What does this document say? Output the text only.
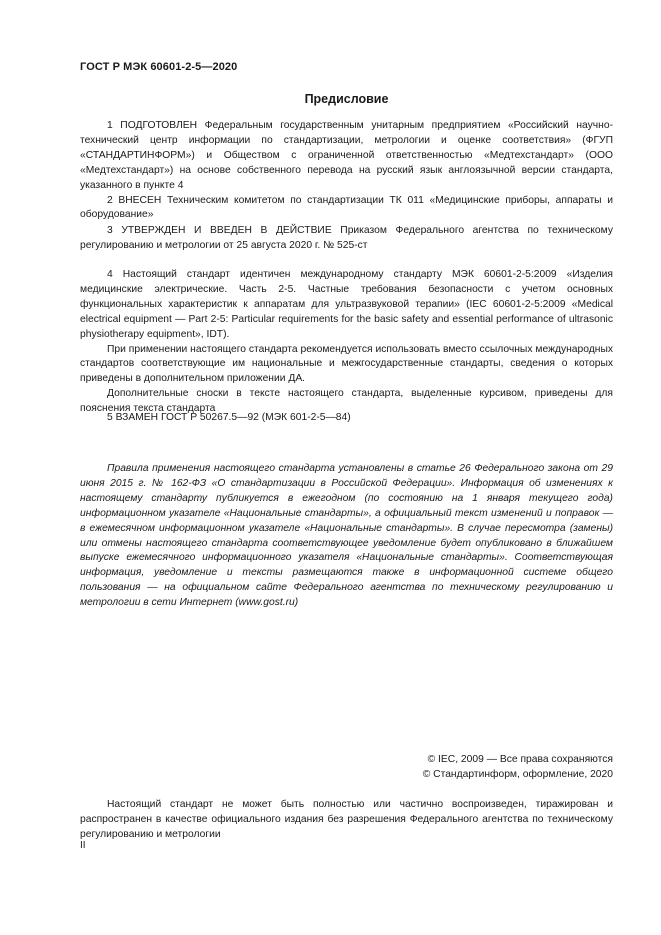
ГОСТ Р МЭК 60601-2-5—2020
Предисловие

1 ПОДГОТОВЛЕН Федеральным государственным унитарным предприятием «Российский научно-технический центр информации по стандартизации, метрологии и оценке соответствия» (ФГУП «СТАНДАРТИНФОРМ») и Обществом с ограниченной ответственностью «Медтехстандарт» (ООО «Медтехстандарт») на основе собственного перевода на русский язык англоязычной версии стандарта, указанного в пункте 4

2 ВНЕСЕН Техническим комитетом по стандартизации ТК 011 «Медицинские приборы, аппараты и оборудование»

3 УТВЕРЖДЕН И ВВЕДЕН В ДЕЙСТВИЕ Приказом Федерального агентства по техническому регулированию и метрологии от 25 августа 2020 г. № 525-ст

4 Настоящий стандарт идентичен международному стандарту МЭК 60601-2-5:2009 «Изделия медицинские электрические. Часть 2-5. Частные требования безопасности с учетом основных функциональных характеристик к аппаратам для ультразвуковой терапии» (IEC 60601-2-5:2009 «Medical electrical equipment — Part 2-5: Particular requirements for the basic safety and essential performance of ultrasonic physiotherapy equipment», IDT).

При применении настоящего стандарта рекомендуется использовать вместо ссылочных международных стандартов соответствующие им национальные и межгосударственные стандарты, сведения о которых приведены в дополнительном приложении ДА.

Дополнительные сноски в тексте настоящего стандарта, выделенные курсивом, приведены для пояснения текста стандарта

5 ВЗАМЕН ГОСТ Р 50267.5—92 (МЭК 601-2-5—84)

Правила применения настоящего стандарта установлены в статье 26 Федерального закона от 29 июня 2015 г. № 162-ФЗ «О стандартизации в Российской Федерации». Информация об изменениях к настоящему стандарту публикуется в ежегодном (по состоянию на 1 января текущего года) информационном указателе «Национальные стандарты», а официальный текст изменений и поправок — в ежемесячном информационном указателе «Национальные стандарты». В случае пересмотра (замены) или отмены настоящего стандарта соответствующее уведомление будет опубликовано в ближайшем выпуске ежемесячного информационного указателя «Национальные стандарты». Соответствующая информация, уведомление и тексты размещаются также в информационной системе общего пользования — на официальном сайте Федерального агентства по техническому регулированию и метрологии в сети Интернет (www.gost.ru)

© IEC, 2009 — Все права сохраняются
© Стандартинформ, оформление, 2020

Настоящий стандарт не может быть полностью или частично воспроизведен, тиражирован и распространен в качестве официального издания без разрешения Федерального агентства по техническому регулированию и метрологии

II
